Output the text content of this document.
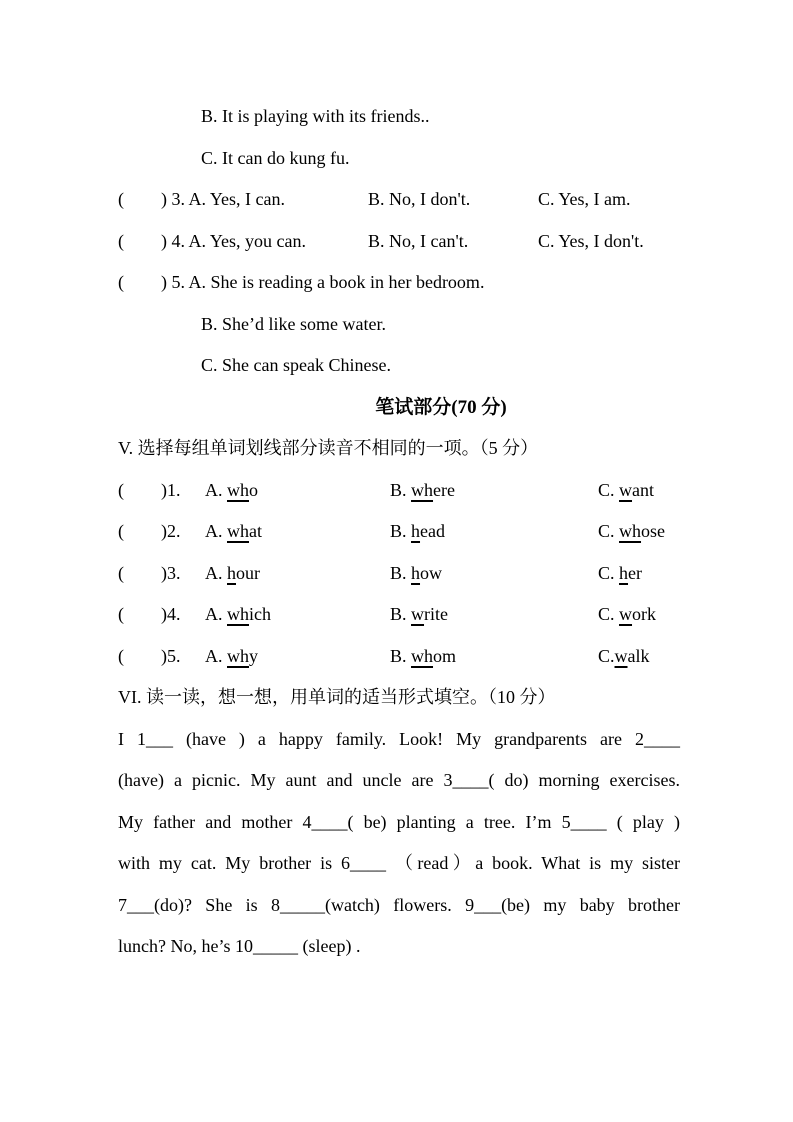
B. It is playing with its friends..
C. It can do kung fu.
( ) 3. A. Yes, I can.	B. No, I don't.	C. Yes, I am.
( ) 4. A. Yes, you can.	B. No, I can't.	C. Yes, I don't.
( ) 5. A. She is reading a book in her bedroom.
B. She’d like some water.
C. She can speak Chinese.
笔试部分(70 分)
V. 选择每组单词划线部分读音不相同的一项。（5 分）
( )1.	A. who	B. where	C. want
( )2.	A. what	B. head	C. whose
( )3.	A. hour	B. how	C. her
( )4.	A. which	B. write	C. work
( )5.	A. why	B. whom	C.walk
VI. 读一读，想一想，用单词的适当形式填空。（10 分）
I 1___ (have ) a happy family. Look! My grandparents are 2____
(have) a picnic. My aunt and uncle are 3____( do) morning exercises.
My father and mother 4____( be) planting a tree. I’m 5____ ( play )
with my cat. My brother is 6____ （read）a book. What is my sister
7___(do)? She is 8_____(watch) flowers. 9___(be) my baby brother
lunch? No, he’s 10_____ (sleep) .
